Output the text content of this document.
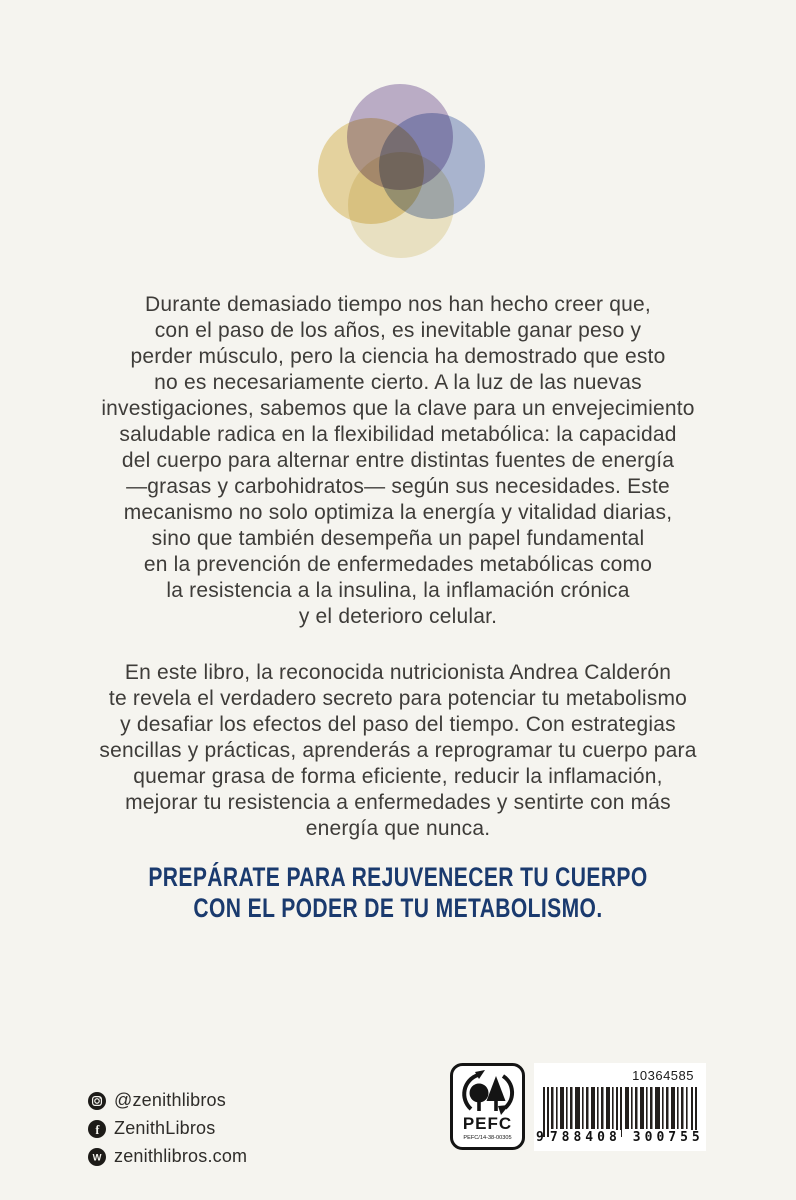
Durante demasiado tiempo nos han hecho creer que,
con el paso de los años, es inevitable ganar peso y
perder músculo, pero la ciencia ha demostrado que esto
no es necesariamente cierto. A la luz de las nuevas
investigaciones, sabemos que la clave para un envejecimiento
saludable radica en la flexibilidad metabólica: la capacidad
del cuerpo para alternar entre distintas fuentes de energía
—grasas y carbohidratos— según sus necesidades. Este
mecanismo no solo optimiza la energía y vitalidad diarias,
sino que también desempeña un papel fundamental
en la prevención de enfermedades metabólicas como
la resistencia a la insulina, la inflamación crónica
y el deterioro celular.
En este libro, la reconocida nutricionista Andrea Calderón
te revela el verdadero secreto para potenciar tu metabolismo
y desafiar los efectos del paso del tiempo. Con estrategias
sencillas y prácticas, aprenderás a reprogramar tu cuerpo para
quemar grasa de forma eficiente, reducir la inflamación,
mejorar tu resistencia a enfermedades y sentirte con más
energía que nunca.
PREPÁRATE PARA REJUVENECER TU CUERPO
CON EL PODER DE TU METABOLISMO.
@zenithlibros
f ZenithLibros
W zenithlibros.com
PEFC
PEFC/14-38-00305
10364585
9 788408 300755
